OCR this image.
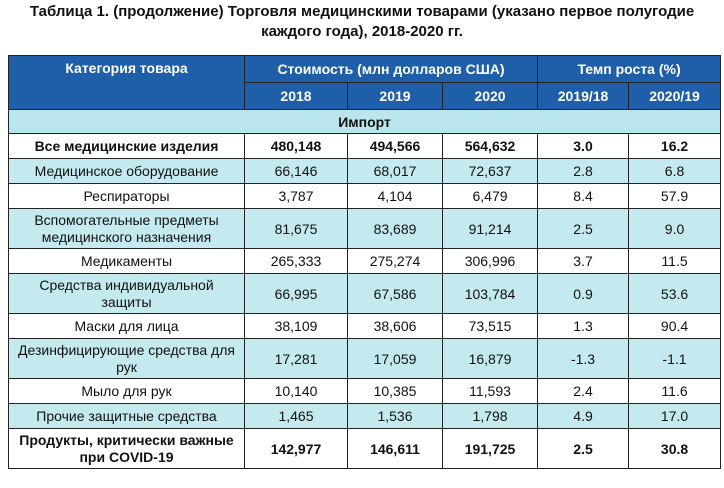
Таблица 1. (продолжение) Торговля медицинскими товарами (указано первое полугодие
каждого года), 2018-2020 гг.
Категория товара	Стоимость (млн долларов США)			Темп роста (%)	
	2018	2019	2020	2019/18	2020/19
Импорт					
Все медицинские изделия	480,148	494,566	564,632	3.0	16.2
Медицинское оборудование	66,146	68,017	72,637	2.8	6.8
Респираторы	3,787	4,104	6,479	8.4	57.9
Вспомогательные предметы медицинского назначения	81,675	83,689	91,214	2.5	9.0
Медикаменты	265,333	275,274	306,996	3.7	11.5
Средства индивидуальной защиты	66,995	67,586	103,784	0.9	53.6
Маски для лица	38,109	38,606	73,515	1.3	90.4
Дезинфицирующие средства для рук	17,281	17,059	16,879	-1.3	-1.1
Мыло для рук	10,140	10,385	11,593	2.4	11.6
Прочие защитные средства	1,465	1,536	1,798	4.9	17.0
Продукты, критически важные при COVID-19	142,977	146,611	191,725	2.5	30.8
